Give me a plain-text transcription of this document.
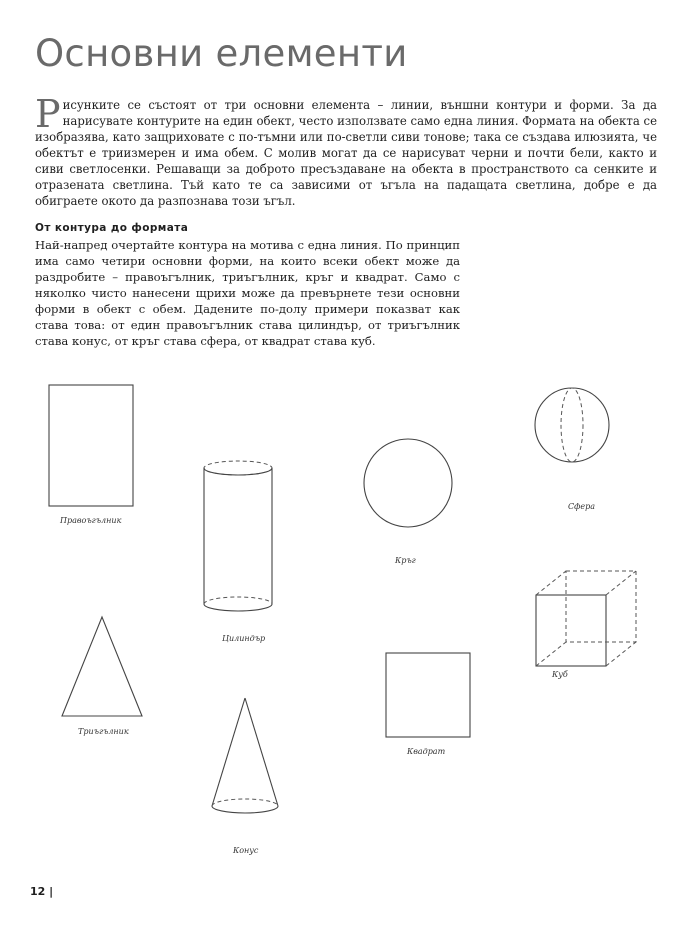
Основни елементи

Рисунките се състоят от три основни елемента – линии, външни контури и форми. За да нарисувате контурите на един обект, често използвате само една линия. Формата на обекта се изобразява, като защриховате с по-тъмни или по-светли сиви тонове; така се създава илюзията, че обектът е триизмерен и има обем. С молив могат да се нарисуват черни и почти бели, както и сиви светлосенки. Решаващи за доброто пресъздаване на обекта в пространството са сенките и отразената светлина. Тъй като те са зависими от ъгъла на падащата светлина, добре е да обиграете окото да разпознава този ъгъл.

От контура до формата

Най-напред очертайте контура на мотива с една линия. По принцип има само четири основни форми, на които всеки обект може да раздробите – правоъгълник, триъгълник, кръг и квадрат. Само с няколко чисто нанесени щрихи може да превърнете тези основни форми в обект с обем. Дадените по-долу примери показват как става това: от един правоъгълник става цилиндър, от триъгълник става конус, от кръг става сфера, от квадрат става куб.

Правоъгълник
Цилиндър
Кръг
Сфера
Куб
Триъгълник
Квадрат
Конус
12 |
